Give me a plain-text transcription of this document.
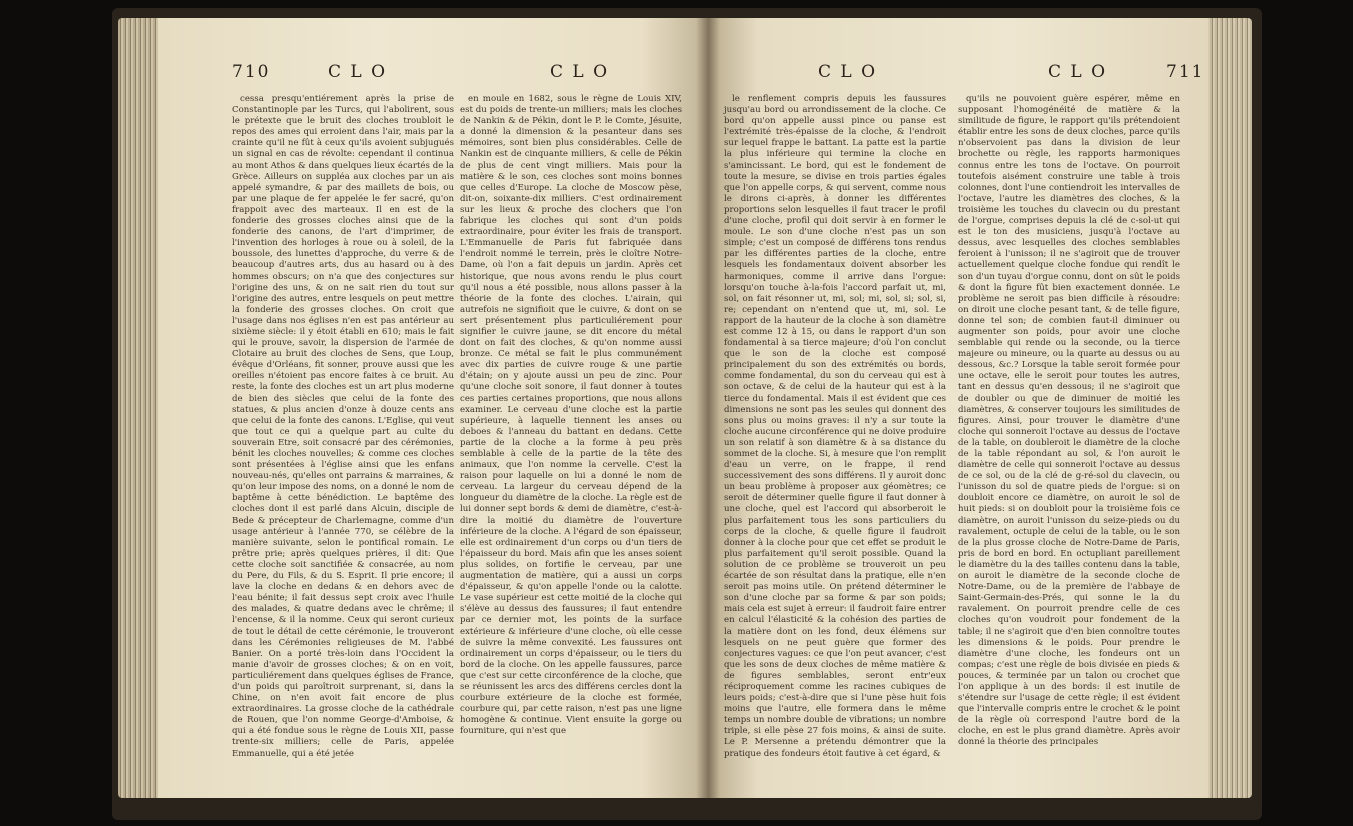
710	C L O	C L O

cessa presqu'entiérement après la prise de Constantinople par les Turcs, qui l'abolirent, sous le prétexte que le bruit des cloches troubloit le repos des ames qui erroient dans l'air, mais par la crainte qu'il ne fût à ceux qu'ils avoient subjugués un signal en cas de révolte: cependant il continua au mont Athos & dans quelques lieux écartés de la Grèce. Ailleurs on suppléa aux cloches par un ais appelé symandre, & par des maillets de bois, ou par une plaque de fer appelée le fer sacré, qu'on frappoit avec des marteaux. Il en est de la fonderie des grosses cloches ainsi que de la fonderie des canons, de l'art d'imprimer, de l'invention des horloges à roue ou à soleil, de la boussole, des lunettes d'approche, du verre & de beaucoup d'autres arts, dus au hasard ou à des hommes obscurs; on n'a que des conjectures sur l'origine des uns, & on ne sait rien du tout sur l'origine des autres, entre lesquels on peut mettre la fonderie des grosses cloches. On croit que l'usage dans nos églises n'en est pas antérieur au sixième siècle: il y étoit établi en 610; mais le fait qui le prouve, savoir, la dispersion de l'armée de Clotaire au bruit des cloches de Sens, que Loup, évêque d'Orléans, fit sonner, prouve aussi que les oreilles n'étoient pas encore faites à ce bruit. Au reste, la fonte des cloches est un art plus moderne de bien des siècles que celui de la fonte des statues, & plus ancien d'onze à douze cents ans que celui de la fonte des canons. L'Eglise, qui veut que tout ce qui a quelque part au culte du souverain Etre, soit consacré par des cérémonies, bénit les cloches nouvelles; & comme ces cloches sont présentées à l'église ainsi que les enfans nouveau-nés, qu'elles ont parrains & marraines, & qu'on leur impose des noms, on a donné le nom de baptême à cette bénédiction. Le baptême des cloches dont il est parlé dans Alcuin, disciple de Bede & précepteur de Charlemagne, comme d'un usage antérieur à l'année 770, se célèbre de la manière suivante, selon le pontifical romain. Le prêtre prie; après quelques prières, il dit: Que cette cloche soit sanctifiée & consacrée, au nom du Pere, du Fils, & du S. Esprit. Il prie encore; il lave la cloche en dedans & en dehors avec de l'eau bénite; il fait dessus sept croix avec l'huile des malades, & quatre dedans avec le chrême; il l'encense, & il la nomme. Ceux qui seront curieux de tout le détail de cette cérémonie, le trouveront dans les Cérémonies religieuses de M. l'abbé Banier. On a porté très-loin dans l'Occident la manie d'avoir de grosses cloches; & on en voit, particuliérement dans quelques églises de France, d'un poids qui paroîtroit surprenant, si, dans la Chine, on n'en avoit fait encore de plus extraordinaires. La grosse cloche de la cathédrale de Rouen, que l'on nomme George-d'Amboise, & qui a été fondue sous le règne de Louis XII, passe trente-six milliers; celle de Paris, appelée Emmanuelle, qui a été jetée

en moule en 1682, sous le règne de Louis XIV, est du poids de trente-un milliers; mais les cloches de Nankin & de Pékin, dont le P. le Comte, Jésuite, a donné la dimension & la pesanteur dans ses mémoires, sont bien plus considérables. Celle de Nankin est de cinquante milliers, & celle de Pékin de plus de cent vingt milliers. Mais pour la matière & le son, ces cloches sont moins bonnes que celles d'Europe. La cloche de Moscow pèse, dit-on, soixante-dix milliers. C'est ordinairement sur les lieux & proche des clochers que l'on fabrique les cloches qui sont d'un poids extraordinaire, pour éviter les frais de transport. L'Emmanuelle de Paris fut fabriquée dans l'endroit nommé le terrein, près le cloître Notre-Dame, où l'on a fait depuis un jardin. Après cet historique, que nous avons rendu le plus court qu'il nous a été possible, nous allons passer à la théorie de la fonte des cloches. L'airain, qui autrefois ne signifioit que le cuivre, & dont on se sert présentement plus particuliérement pour signifier le cuivre jaune, se dit encore du métal dont on fait des cloches, & qu'on nomme aussi bronze. Ce métal se fait le plus communément avec dix parties de cuivre rouge & une partie d'étain; on y ajoute aussi un peu de zinc. Pour qu'une cloche soit sonore, il faut donner à toutes ces parties certaines proportions, que nous allons examiner. Le cerveau d'une cloche est la partie supérieure, à laquelle tiennent les anses ou deboes & l'anneau du battant en dedans. Cette partie de la cloche a la forme à peu près semblable à celle de la partie de la tête des animaux, que l'on nomme la cervelle. C'est la raison pour laquelle on lui a donné le nom de cerveau. La largeur du cerveau dépend de la longueur du diamètre de la cloche. La règle est de lui donner sept bords & demi de diamètre, c'est-à-dire la moitié du diamètre de l'ouverture inférieure de la cloche. A l'égard de son épaisseur, elle est ordinairement d'un corps ou d'un tiers de l'épaisseur du bord. Mais afin que les anses soient plus solides, on fortifie le cerveau, par une augmentation de matière, qui a aussi un corps d'épaisseur, & qu'on appelle l'onde ou la calotte. Le vase supérieur est cette moitié de la cloche qui s'élève au dessus des faussures; il faut entendre par ce dernier mot, les points de la surface extérieure & inférieure d'une cloche, où elle cesse de suivre la même convexité. Les faussures ont ordinairement un corps d'épaisseur, ou le tiers du bord de la cloche. On les appelle faussures, parce que c'est sur cette circonférence de la cloche, que se réunissent les arcs des différens cercles dont la courbure extérieure de la cloche est formée, courbure qui, par cette raison, n'est pas une ligne homogène & continue. Vient ensuite la gorge ou fourniture, qui n'est que

C L O	C L O	711

le renflement compris depuis les faussures jusqu'au bord ou arrondissement de la cloche. Ce bord qu'on appelle aussi pince ou panse est l'extrémité très-épaisse de la cloche, & l'endroit sur lequel frappe le battant. La patte est la partie la plus inférieure qui termine la cloche en s'amincissant. Le bord, qui est le fondement de toute la mesure, se divise en trois parties égales que l'on appelle corps, & qui servent, comme nous le dirons ci-après, à donner les différentes proportions selon lesquelles il faut tracer le profil d'une cloche, profil qui doit servir à en former le moule. Le son d'une cloche n'est pas un son simple; c'est un composé de différens tons rendus par les différentes parties de la cloche, entre lesquels les fondamentaux doivent absorber les harmoniques, comme il arrive dans l'orgue: lorsqu'on touche à-la-fois l'accord parfait ut, mi, sol, on fait résonner ut, mi, sol; mi, sol, si; sol, si, re; cependant on n'entend que ut, mi, sol. Le rapport de la hauteur de la cloche à son diamètre est comme 12 à 15, ou dans le rapport d'un son fondamental à sa tierce majeure; d'où l'on conclut que le son de la cloche est composé principalement du son des extrémités ou bords, comme fondamental, du son du cerveau qui est à son octave, & de celui de la hauteur qui est à la tierce du fondamental. Mais il est évident que ces dimensions ne sont pas les seules qui donnent des sons plus ou moins graves: il n'y a sur toute la cloche aucune circonférence qui ne doive produire un son relatif à son diamètre & à sa distance du sommet de la cloche. Si, à mesure que l'on remplit d'eau un verre, on le frappe, il rend successivement des sons différens. Il y auroit donc un beau problème à proposer aux géomètres; ce seroit de déterminer quelle figure il faut donner à une cloche, quel est l'accord qui absorberoit le plus parfaitement tous les sons particuliers du corps de la cloche, & quelle figure il faudroit donner à la cloche pour que cet effet se produit le plus parfaitement qu'il seroit possible. Quand la solution de ce problème se trouveroit un peu écartée de son résultat dans la pratique, elle n'en seroit pas moins utile. On prétend déterminer le son d'une cloche par sa forme & par son poids; mais cela est sujet à erreur: il faudroit faire entrer en calcul l'élasticité & la cohésion des parties de la matière dont on les fond, deux élémens sur lesquels on ne peut guère que former des conjectures vagues: ce que l'on peut avancer, c'est que les sons de deux cloches de même matière & de figures semblables, seront entr'eux réciproquement comme les racines cubiques de leurs poids; c'est-à-dire que si l'une pèse huit fois moins que l'autre, elle formera dans le même temps un nombre double de vibrations; un nombre triple, si elle pèse 27 fois moins, & ainsi de suite. Le P. Mersenne a prétendu démontrer que la pratique des fondeurs étoit fautive à cet égard, &

qu'ils ne pouvoient guère espérer, même en supposant l'homogénéité de matière & la similitude de figure, le rapport qu'ils prétendoient établir entre les sons de deux cloches, parce qu'ils n'observoient pas dans la division de leur brochette ou règle, les rapports harmoniques connus entre les tons de l'octave. On pourroit toutefois aisément construire une table à trois colonnes, dont l'une contiendroit les intervalles de l'octave, l'autre les diamètres des cloches, & la troisième les touches du clavecin ou du prestant de l'orgue, comprises depuis la clé de c-sol-ut qui est le ton des musiciens, jusqu'à l'octave au dessus, avec lesquelles des cloches semblables feroient à l'unisson; il ne s'agiroit que de trouver actuellement quelque cloche fondue qui rendît le son d'un tuyau d'orgue connu, dont on sût le poids & dont la figure fût bien exactement donnée. Le problème ne seroit pas bien difficile à résoudre: on diroit une cloche pesant tant, & de telle figure, donne tel son; de combien faut-il diminuer ou augmenter son poids, pour avoir une cloche semblable qui rende ou la seconde, ou la tierce majeure ou mineure, ou la quarte au dessus ou au dessous, &c.? Lorsque la table seroit formée pour une octave, elle le seroit pour toutes les autres, tant en dessus qu'en dessous; il ne s'agiroit que de doubler ou que de diminuer de moitié les diamètres, & conserver toujours les similitudes de figures. Ainsi, pour trouver le diamètre d'une cloche qui sonneroit l'octave au dessus de l'octave de la table, on doubleroit le diamètre de la cloche de la table répondant au sol, & l'on auroit le diamètre de celle qui sonneroit l'octave au dessus de ce sol, ou de la clé de g-ré-sol du clavecin, ou l'unisson du sol de quatre pieds de l'orgue: si on doubloit encore ce diamètre, on auroit le sol de huit pieds: si on doubloit pour la troisième fois ce diamètre, on auroit l'unisson du seize-pieds ou du ravalement, octuple de celui de la table, ou le son de la plus grosse cloche de Notre-Dame de Paris, pris de bord en bord. En octupliant pareillement le diamètre du la des tailles contenu dans la table, on auroit le diamètre de la seconde cloche de Notre-Dame, ou de la première de l'abbaye de Saint-Germain-des-Prés, qui sonne le la du ravalement. On pourroit prendre celle de ces cloches qu'on voudroit pour fondement de la table; il ne s'agiroit que d'en bien connoître toutes les dimensions & le poids. Pour prendre le diamètre d'une cloche, les fondeurs ont un compas; c'est une règle de bois divisée en pieds & pouces, & terminée par un talon ou crochet que l'on applique à un des bords: il est inutile de s'étendre sur l'usage de cette règle; il est évident que l'intervalle compris entre le crochet & le point de la règle où correspond l'autre bord de la cloche, en est le plus grand diamètre. Après avoir donné la théorie des principales
